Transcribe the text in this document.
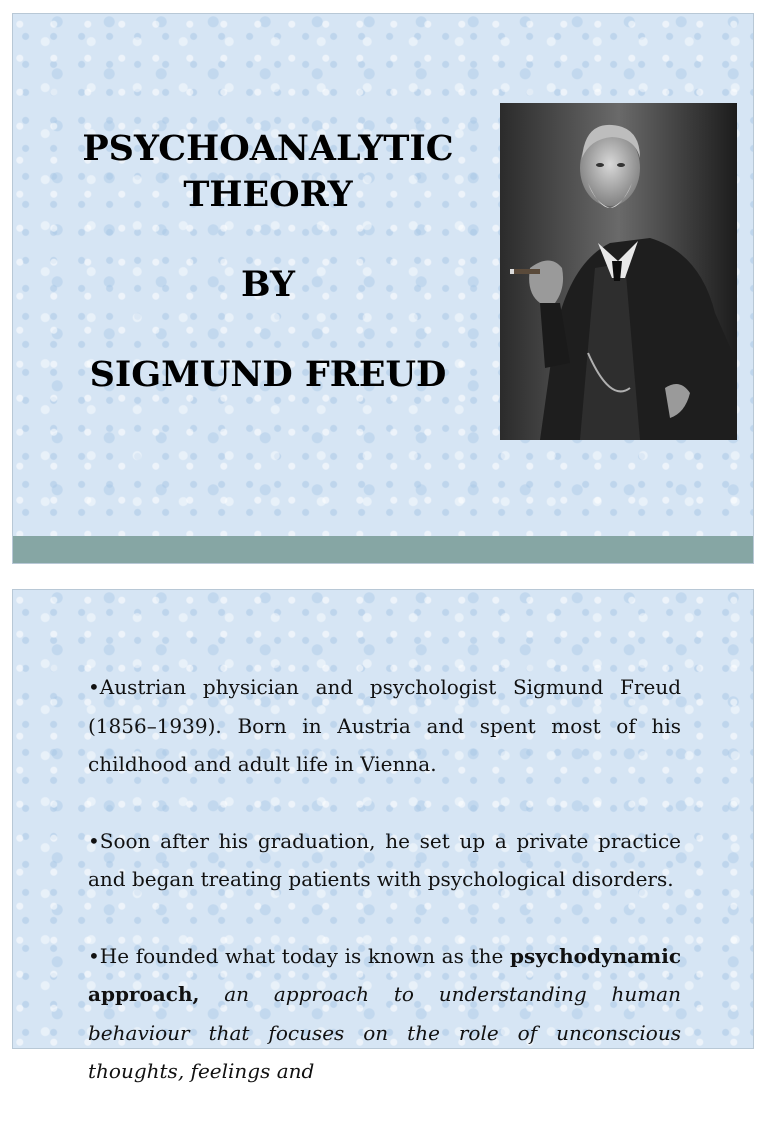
PSYCHOANALYTIC
THEORY
BY
SIGMUND FREUD

•Austrian physician and psychologist Sigmund Freud (1856–1939). Born in Austria and spent most of his childhood and adult life in Vienna.

•Soon after his graduation, he set up a private practice and began treating patients with psychological disorders.

•He founded what today is known as the psychodynamic approach, an approach to understanding human behaviour that focuses on the role of unconscious thoughts, feelings and
